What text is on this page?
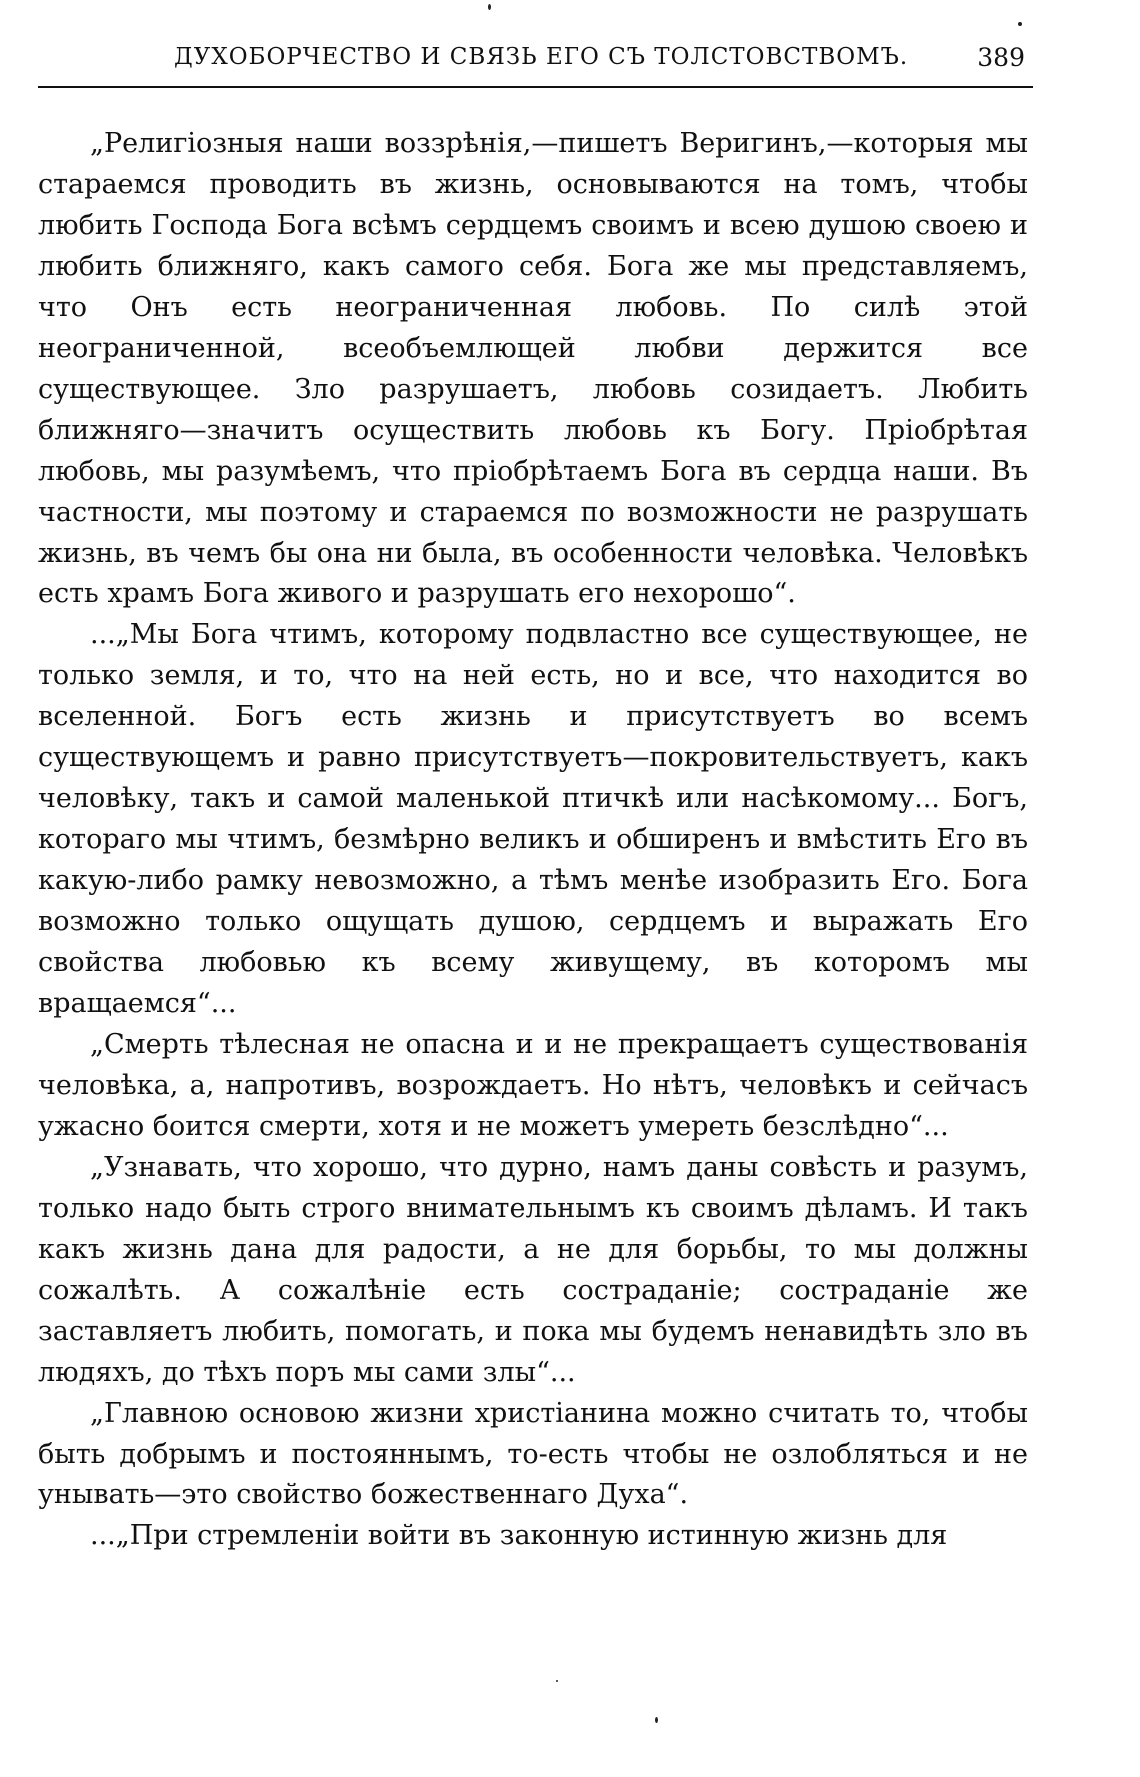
ДУХОБОРЧЕСТВО И СВЯЗЬ ЕГО СЪ ТОЛСТОВСТВОМЪ.	389

„Религіозныя наши воззрѣнія,—пишетъ Веригинъ,—которыя мы стараемся проводить въ жизнь, основываются на томъ, чтобы любить Господа Бога всѣмъ сердцемъ своимъ и всею душою своею и любить ближняго, какъ самого себя. Бога же мы представляемъ, что Онъ есть неограниченная любовь. По силѣ этой неограниченной, всеобъемлющей любви держится все существующее. Зло разрушаетъ, любовь созидаетъ. Любить ближняго—значитъ осуществить любовь къ Богу. Пріобрѣтая любовь, мы разумѣемъ, что пріобрѣтаемъ Бога въ сердца наши. Въ частности, мы поэтому и стараемся по возможности не разрушать жизнь, въ чемъ бы она ни была, въ особенности человѣка. Человѣкъ есть храмъ Бога живого и разрушать его нехорошо“.

...„Мы Бога чтимъ, которому подвластно все существующее, не только земля, и то, что на ней есть, но и все, что находится во вселенной. Богъ есть жизнь и присутствуетъ во всемъ существующемъ и равно присутствуетъ—покровительствуетъ, какъ человѣку, такъ и самой маленькой птичкѣ или насѣкомому... Богъ, котораго мы чтимъ, безмѣрно великъ и обширенъ и вмѣстить Его въ какую-либо рамку невозможно, а тѣмъ менѣе изобразить Его. Бога возможно только ощущать душою, сердцемъ и выражать Его свойства любовью къ всему живущему, въ которомъ мы вращаемся“...

„Смерть тѣлесная не опасна и и не прекращаетъ существованія человѣка, а, напротивъ, возрождаетъ. Но нѣтъ, человѣкъ и сейчасъ ужасно боится смерти, хотя и не можетъ умереть безслѣдно“...

„Узнавать, что хорошо, что дурно, намъ даны совѣсть и разумъ, только надо быть строго внимательнымъ къ своимъ дѣламъ. И такъ какъ жизнь дана для радости, а не для борьбы, то мы должны сожалѣть. А сожалѣніе есть состраданіе; состраданіе же заставляетъ любить, помогать, и пока мы будемъ ненавидѣть зло въ людяхъ, до тѣхъ поръ мы сами злы“...

„Главною основою жизни христіанина можно считать то, чтобы быть добрымъ и постояннымъ, то-есть чтобы не озлобляться и не унывать—это свойство божественнаго Духа“.

...„При стремленіи войти въ законную истинную жизнь для
